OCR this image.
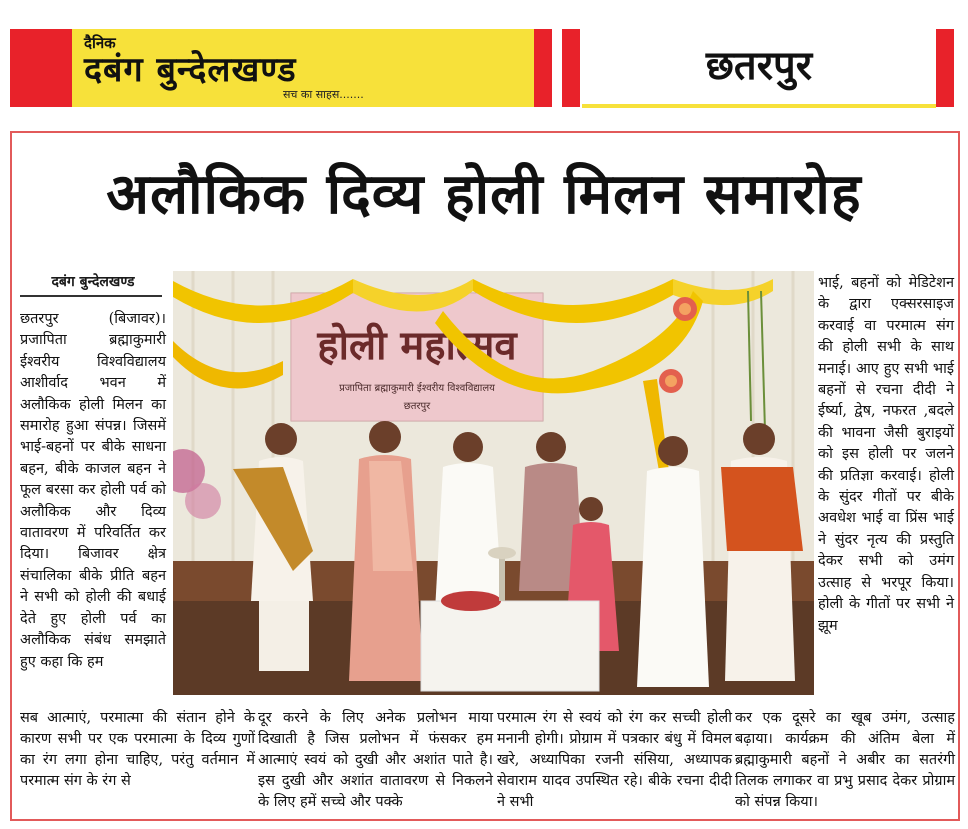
दैनिक
दबंग बुन्देलखण्ड
सच का साहस.......
छतरपुर
अलौकिक दिव्य होली मिलन समारोह
दबंग बुन्देलखण्ड

छतरपुर (बिजावर)। प्रजापिता ब्रह्माकुमारी ईश्वरीय विश्वविद्यालय आशीर्वाद भवन में अलौकिक होली मिलन का समारोह हुआ संपन्न। जिसमें भाई-बहनों पर बीके साधना बहन, बीके काजल बहन ने फूल बरसा कर होली पर्व को अलौकिक और दिव्य वातावरण में परिवर्तित कर दिया। बिजावर क्षेत्र संचालिका बीके प्रीति बहन ने सभी को होली की बधाई देते हुए होली पर्व का अलौकिक संबंध समझाते हुए कहा कि हम

भाई, बहनों को मेडिटेशन के द्वारा एक्सरसाइज करवाई वा परमात्म संग की होली सभी के साथ मनाई। आए हुए सभी भाई बहनों से रचना दीदी ने ईर्ष्या, द्वेष, नफरत ,बदले की भावना जैसी बुराइयों को इस होली पर जलने की प्रतिज्ञा करवाई। होली के सुंदर गीतों पर बीके अवधेश भाई वा प्रिंस भाई ने सुंदर नृत्य की प्रस्तुति देकर सभी को उमंग उत्साह से भरपूर किया।होली के गीतों पर सभी ने झूम

सब आत्माएं, परमात्मा की संतान होने के कारण सभी पर एक परमात्मा के दिव्य गुणों का रंग लगा होना चाहिए, परंतु वर्तमान में परमात्म संग के रंग से

दूर करने के लिए अनेक प्रलोभन माया दिखाती है जिस प्रलोभन में फंसकर हम आत्माएं स्वयं को दुखी और अशांत पाते है। इस दुखी और अशांत वातावरण से निकलने के लिए हमें सच्चे और पक्के

परमात्म रंग से स्वयं को रंग कर सच्ची होली मनानी होगी। प्रोग्राम में पत्रकार बंधु में विमल खरे, अध्यापिका रजनी संसिया, अध्यापक सेवाराम यादव उपस्थित रहे। बीके रचना दीदी ने सभी

कर एक दूसरे का खूब उमंग, उत्साह बढ़ाया। कार्यक्रम की अंतिम बेला में ब्रह्माकुमारी बहनों ने अबीर का सतरंगी तिलक लगाकर वा प्रभु प्रसाद देकर प्रोग्राम को संपन्न किया।

होली महोत्सव
प्रजापिता ब्रह्माकुमारी ईश्वरीय विश्वविद्यालय
छतरपुर
